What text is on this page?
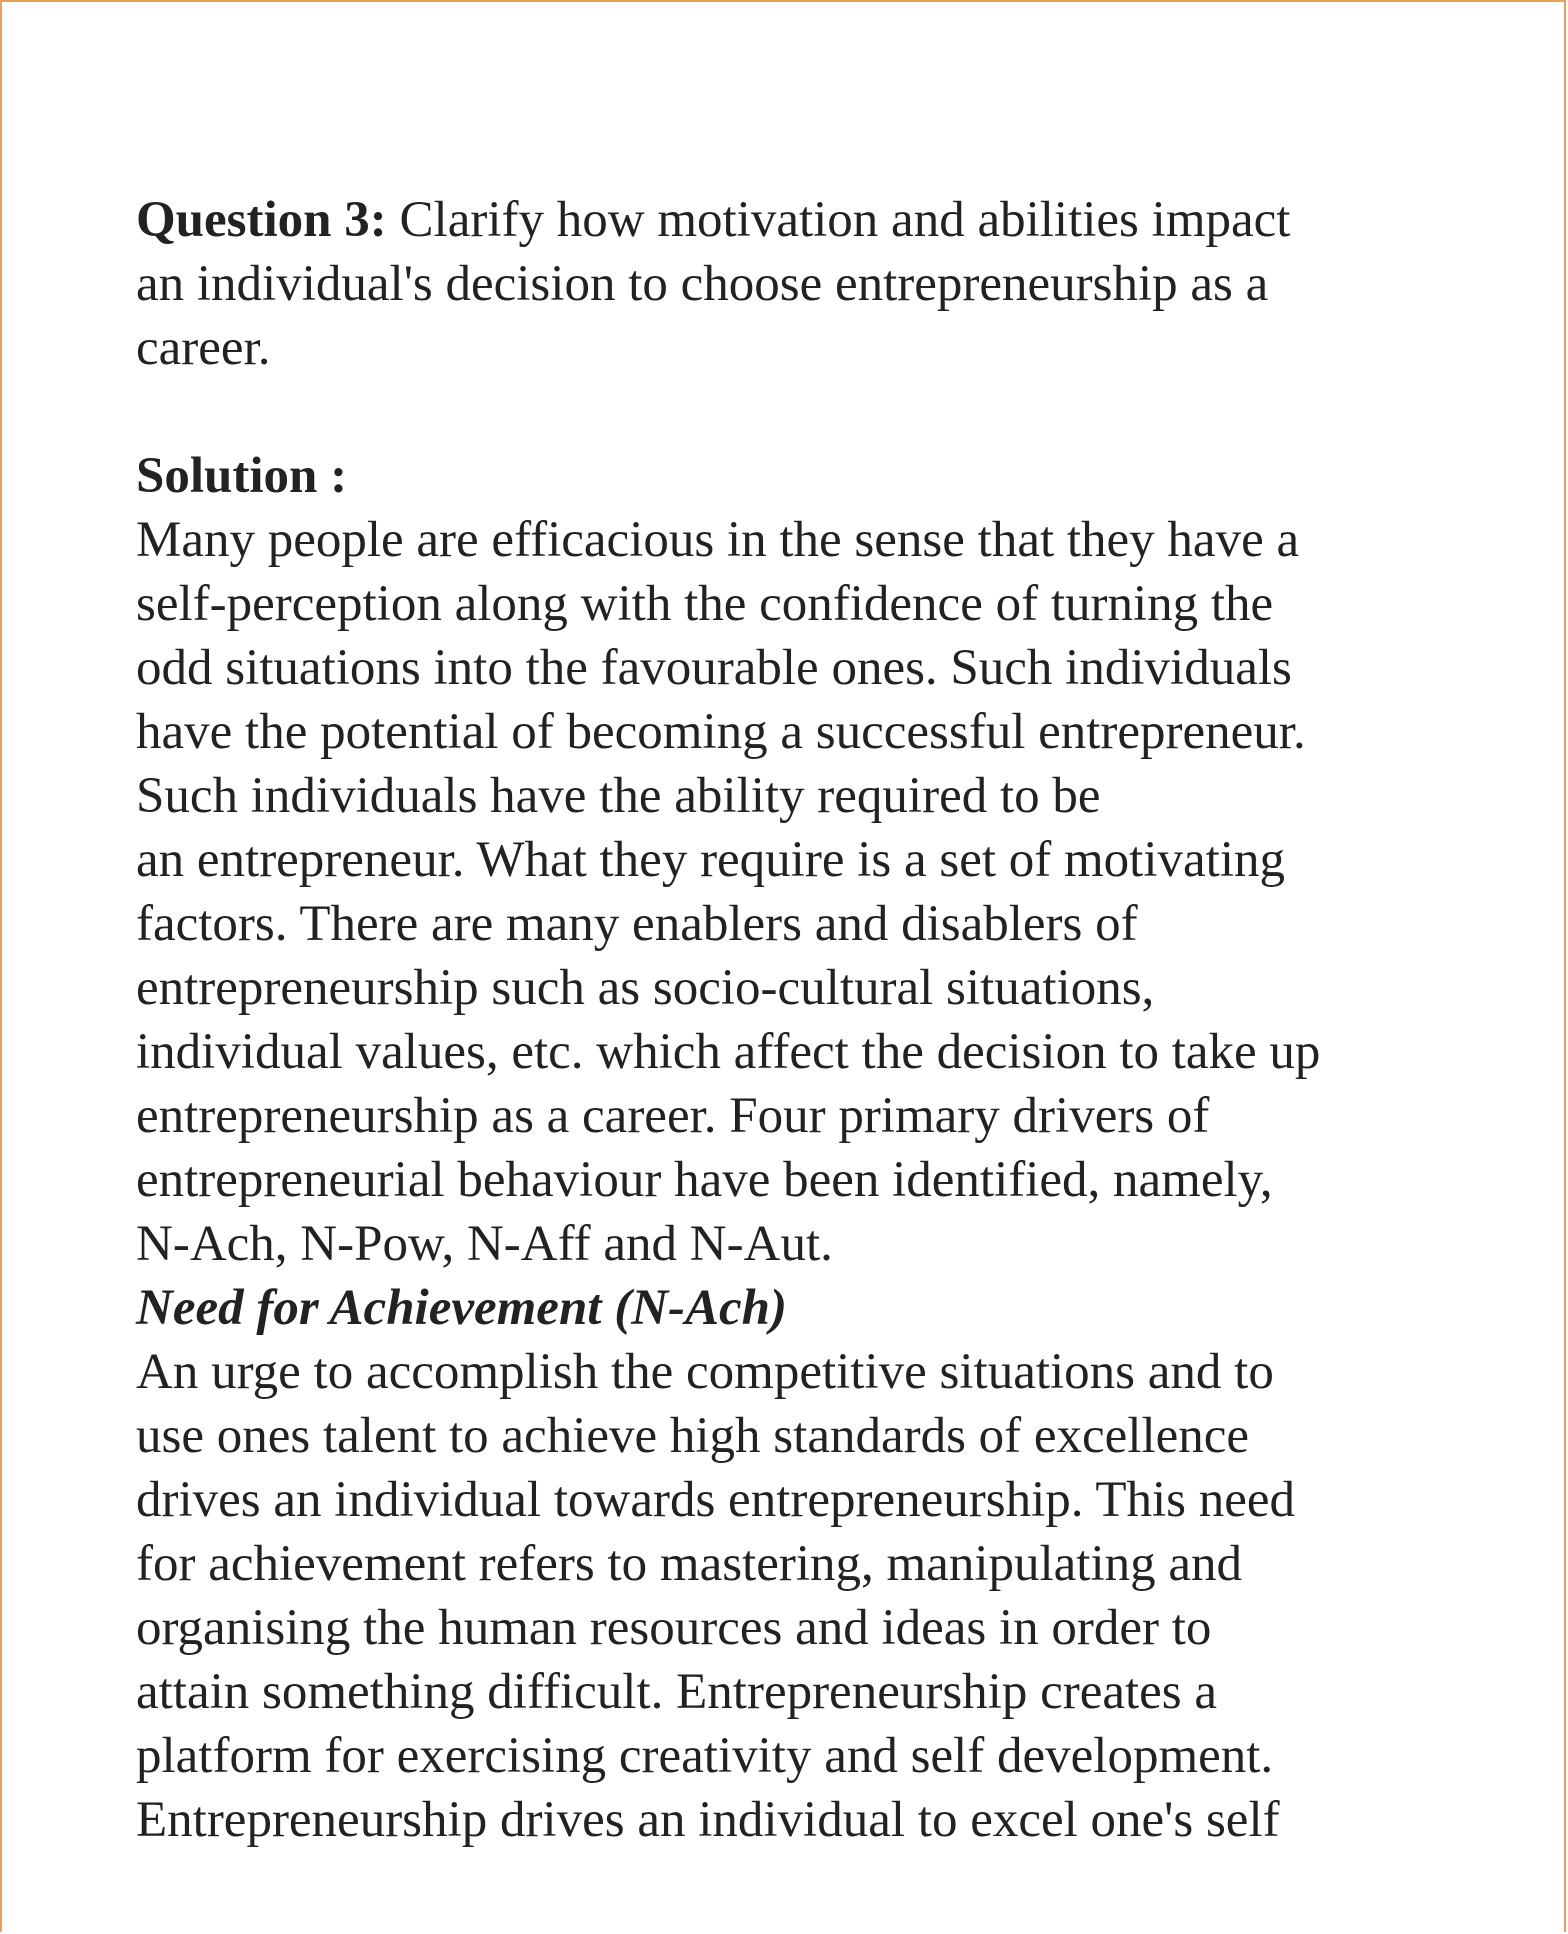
Question 3: Clarify how motivation and abilities impact
an individual's decision to choose entrepreneurship as a
career.
Solution :
Many people are efficacious in the sense that they have a
self-perception along with the confidence of turning the
odd situations into the favourable ones. Such individuals
have the potential of becoming a successful entrepreneur.
Such individuals have the ability required to be
an entrepreneur. What they require is a set of motivating
factors. There are many enablers and disablers of
entrepreneurship such as socio-cultural situations,
individual values, etc. which affect the decision to take up
entrepreneurship as a career. Four primary drivers of
entrepreneurial behaviour have been identified, namely,
N-Ach, N-Pow, N-Aff and N-Aut.
Need for Achievement (N-Ach)
An urge to accomplish the competitive situations and to
use ones talent to achieve high standards of excellence
drives an individual towards entrepreneurship. This need
for achievement refers to mastering, manipulating and
organising the human resources and ideas in order to
attain something difficult. Entrepreneurship creates a
platform for exercising creativity and self development.
Entrepreneurship drives an individual to excel one's self
